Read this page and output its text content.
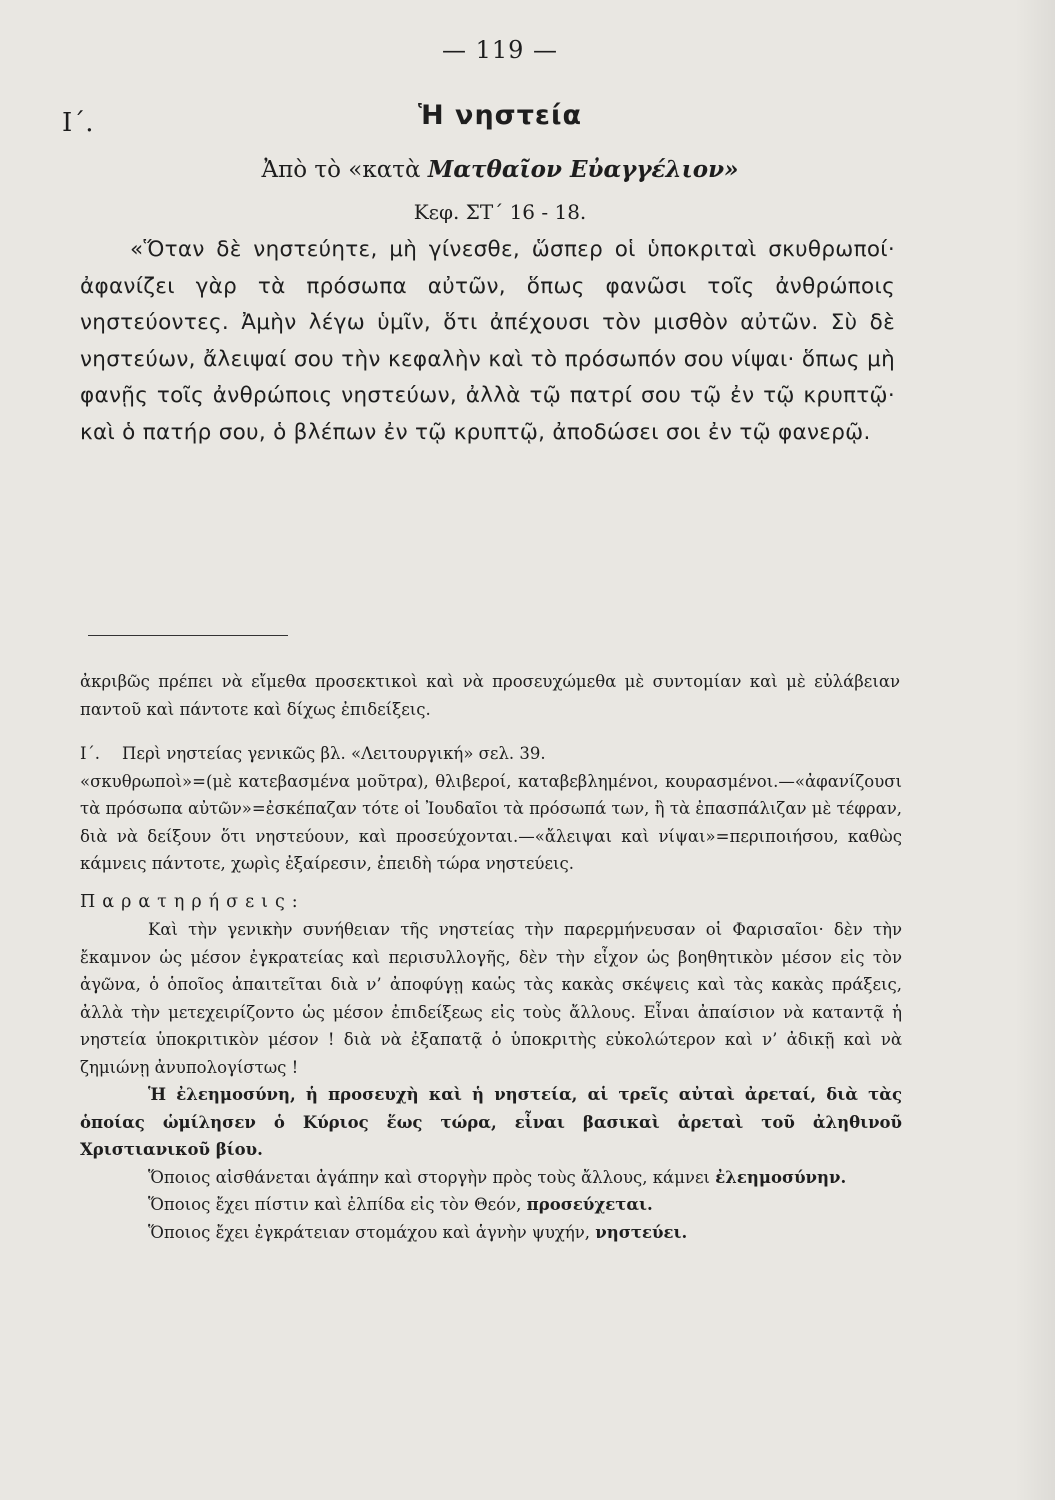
— 119 —
Ι΄.	Ἡ νηστεία
Ἀπὸ τὸ «κατὰ Ματθαῖον Εὐαγγέλιον»
Κεφ. ΣΤ΄ 16 - 18.

«Ὅταν δὲ νηστεύητε, μὴ γίνεσθε, ὥσπερ οἱ ὑποκριταὶ σκυθρωποί· ἀφανίζει γὰρ τὰ πρόσωπα αὐτῶν, ὅπως φανῶσι τοῖς ἀνθρώποις νηστεύοντες. Ἀμὴν λέγω ὑμῖν, ὅτι ἀπέχουσι τὸν μισθὸν αὐτῶν. Σὺ δὲ νηστεύων, ἄλειψαί σου τὴν κεφαλὴν καὶ τὸ πρόσωπόν σου νίψαι· ὅπως μὴ φανῇς τοῖς ἀνθρώποις νηστεύων, ἀλλὰ τῷ πατρί σου τῷ ἐν τῷ κρυπτῷ· καὶ ὁ πατήρ σου, ὁ βλέπων ἐν τῷ κρυπτῷ, ἀποδώσει σοι ἐν τῷ φανερῷ.

ἀκριβῶς πρέπει νὰ εἴμεθα προσεκτικοὶ καὶ νὰ προσευχώμεθα μὲ συντομίαν καὶ μὲ εὐλάβειαν παντοῦ καὶ πάντοτε καὶ δίχως ἐπιδείξεις.

Ι΄. Περὶ νηστείας γενικῶς βλ. «Λειτουργική» σελ. 39.

«σκυθρωποὶ»=(μὲ κατεβασμένα μοῦτρα), θλιβεροί, καταβεβλημένοι, κουρασμένοι.—«ἀφανίζουσι τὰ πρόσωπα αὐτῶν»=ἐσκέπαζαν τότε οἱ Ἰουδαῖοι τὰ πρόσωπά των, ἢ τὰ ἐπασπάλιζαν μὲ τέφραν, διὰ νὰ δείξουν ὅτι νηστεύουν, καὶ προσεύχονται.—«ἄλειψαι καὶ νίψαι»=περιποιήσου, καθὼς κάμνεις πάντοτε, χωρὶς ἐξαίρεσιν, ἐπειδὴ τώρα νηστεύεις.

Παρατηρήσεις:

Καὶ τὴν γενικὴν συνήθειαν τῆς νηστείας τὴν παρερμήνευσαν οἱ Φαρισαῖοι· δὲν τὴν ἔκαμνον ὡς μέσον ἐγκρατείας καὶ περισυλλογῆς, δὲν τὴν εἶχον ὡς βοηθητικὸν μέσον εἰς τὸν ἀγῶνα, ὁ ὁποῖος ἀπαιτεῖται διὰ ν’ ἀποφύγῃ καὡς τὰς κακὰς σκέψεις καὶ τὰς κακὰς πράξεις, ἀλλὰ τὴν μετεχειρίζοντο ὡς μέσον ἐπιδείξεως εἰς τοὺς ἄλλους. Εἶναι ἀπαίσιον νὰ καταντᾷ ἡ νηστεία ὑποκριτικὸν μέσον ! διὰ νὰ ἐξαπατᾷ ὁ ὑποκριτὴς εὐκολώτερον καὶ ν’ ἀδικῇ καὶ νὰ ζημιώνῃ ἀνυπολογίστως !

Ἡ ἐλεημοσύνη, ἡ προσευχὴ καὶ ἡ νηστεία, αἱ τρεῖς αὐταὶ ἀρεταί, διὰ τὰς ὁποίας ὡμίλησεν ὁ Κύριος ἕως τώρα, εἶναι βασικαὶ ἀρεταὶ τοῦ ἀληθινοῦ Χριστιανικοῦ βίου.

Ὅποιος αἰσθάνεται ἀγάπην καὶ στοργὴν πρὸς τοὺς ἄλλους, κάμνει ἐλεημοσύνην.

Ὅποιος ἔχει πίστιν καὶ ἐλπίδα εἰς τὸν Θεόν, προσεύχεται.

Ὅποιος ἔχει ἐγκράτειαν στομάχου καὶ ἁγνὴν ψυχήν, νηστεύει.
